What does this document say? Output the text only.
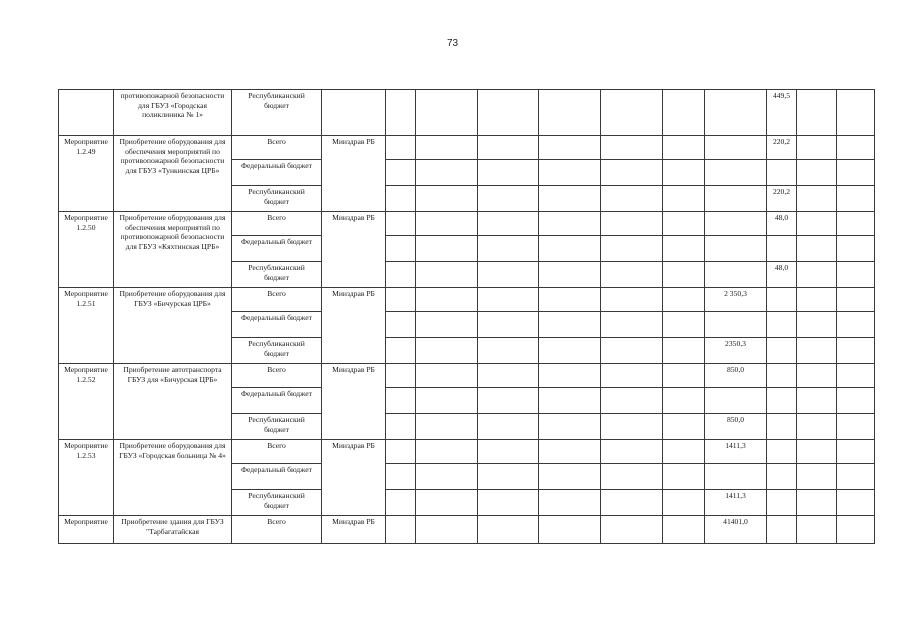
73
	противопожарной безопасности для ГБУЗ «Городская поликлиника № 1»	Республиканский бюджет									449,5		
Мероприятие 1.2.49	Приобретение оборудования для обеспечения мероприятий по противопожарной безопасности для ГБУЗ «Тункинская ЦРБ»	Всего	Минздрав РБ								220,2		
		Федеральный бюджет											
		Республиканский бюджет									220,2		
Мероприятие 1.2.50	Приобретение оборудования для обеспечения мероприятий по противопожарной безопасности для ГБУЗ «Кяхтинская ЦРБ»	Всего	Минздрав РБ								48,0		
		Федеральный бюджет											
		Республиканский бюджет									48,0		
Мероприятие 1.2.51	Приобретение оборудования для ГБУЗ «Бичурская ЦРБ»	Всего	Минздрав РБ							2 350,3			
		Федеральный бюджет											
		Республиканский бюджет								2350,3			
Мероприятие 1.2.52	Приобретение автотранспорта ГБУЗ для «Бичурская ЦРБ»	Всего	Минздрав РБ							850,0			
		Федеральный бюджет											
		Республиканский бюджет								850,0			
Мероприятие 1.2.53	Приобретение оборудования для ГБУЗ «Городская больница № 4»	Всего	Минздрав РБ							1411,3			
		Федеральный бюджет											
		Республиканский бюджет								1411,3			
Мероприятие	Приобретение здания для ГБУЗ "Тарбагатайская	Всего	Минздрав РБ							41401,0			
